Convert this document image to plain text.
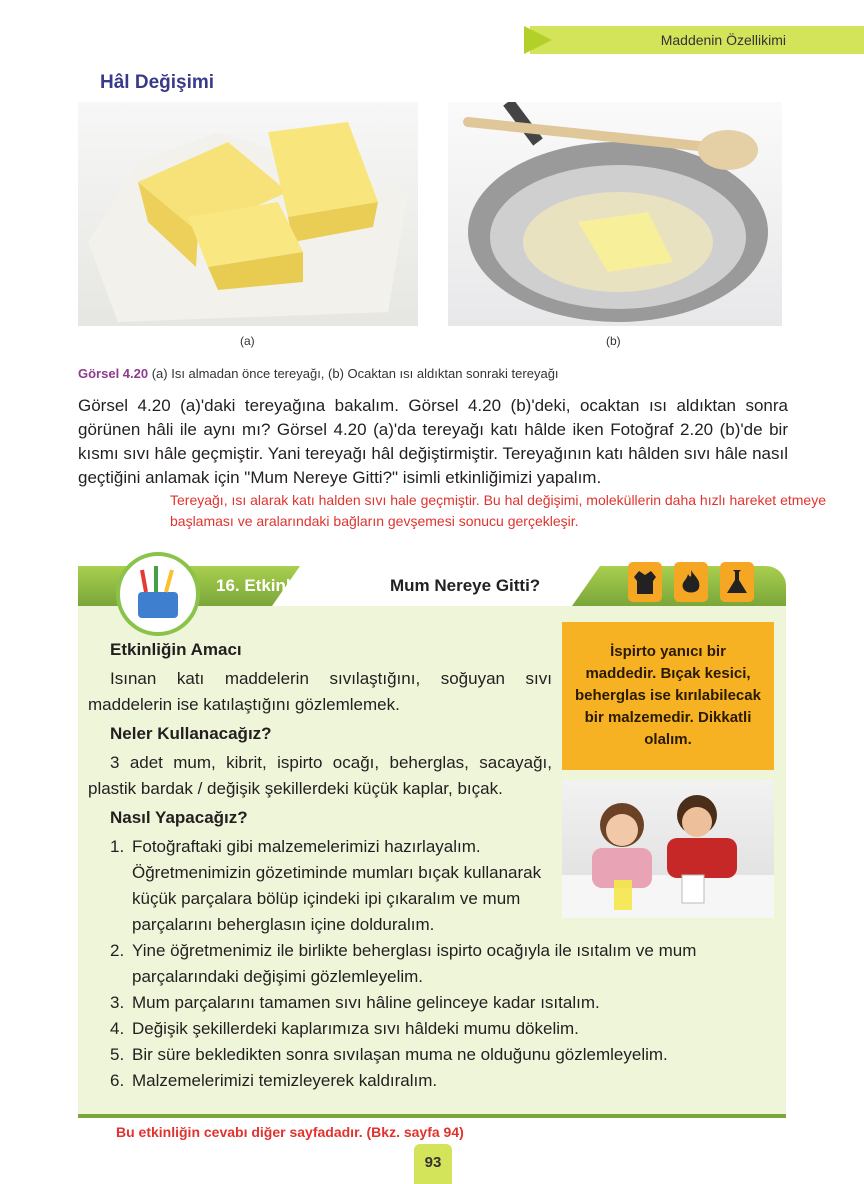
Maddenin Özellikimi
Hâl Değişimi
(a)	(b)
Görsel 4.20 (a) Isı almadan önce tereyağı, (b) Ocaktan ısı aldıktan sonraki tereyağı
Görsel 4.20 (a)'daki tereyağına bakalım. Görsel 4.20 (b)'deki, ocaktan ısı aldıktan sonra görünen hâli ile aynı mı? Görsel 4.20 (a)'da tereyağı katı hâlde iken Fotoğraf 2.20 (b)'de bir kısmı sıvı hâle geçmiştir. Yani tereyağı hâl değiştirmiştir. Tereyağının katı hâlden sıvı hâle nasıl geçtiğini anlamak için "Mum Nereye Gitti?" isimli etkinliğimizi yapalım.
Tereyağı, ısı alarak katı halden sıvı hale geçmiştir. Bu hal değişimi, moleküllerin daha hızlı hareket etmeye başlaması ve aralarındaki bağların gevşemesi sonucu gerçekleşir.
16. Etkinlik	Mum Nereye Gitti?
Etkinliğin Amacı
Isınan katı maddelerin sıvılaştığını, soğuyan sıvı maddelerin ise katılaştığını gözlemlemek.
Neler Kullanacağız?
3 adet mum, kibrit, ispirto ocağı, beherglas, sacayağı, plastik bardak / değişik şekillerdeki küçük kaplar, bıçak.
Nasıl Yapacağız?
1. Fotoğraftaki gibi malzemelerimizi hazırlayalım. Öğretmenimizin gözetiminde mumları bıçak kullanarak küçük parçalara bölüp içindeki ipi çıkaralım ve mum parçalarını beherglasın içine dolduralım.
2. Yine öğretmenimiz ile birlikte beherglası ispirto ocağıyla ile ısıtalım ve mum parçalarındaki değişimi gözlemleyelim.
3. Mum parçalarını tamamen sıvı hâline gelinceye kadar ısıtalım.
4. Değişik şekillerdeki kaplarımıza sıvı hâldeki mumu dökelim.
5. Bir süre bekledikten sonra sıvılaşan muma ne olduğunu gözlemleyelim.
6. Malzemelerimizi temizleyerek kaldıralım.
İspirto yanıcı bir maddedir. Bıçak kesici, beherglas ise kırılabilecak bir malzemedir. Dikkatli olalım.
Bu etkinliğin cevabı diğer sayfadadır. (Bkz. sayfa 94)
93
